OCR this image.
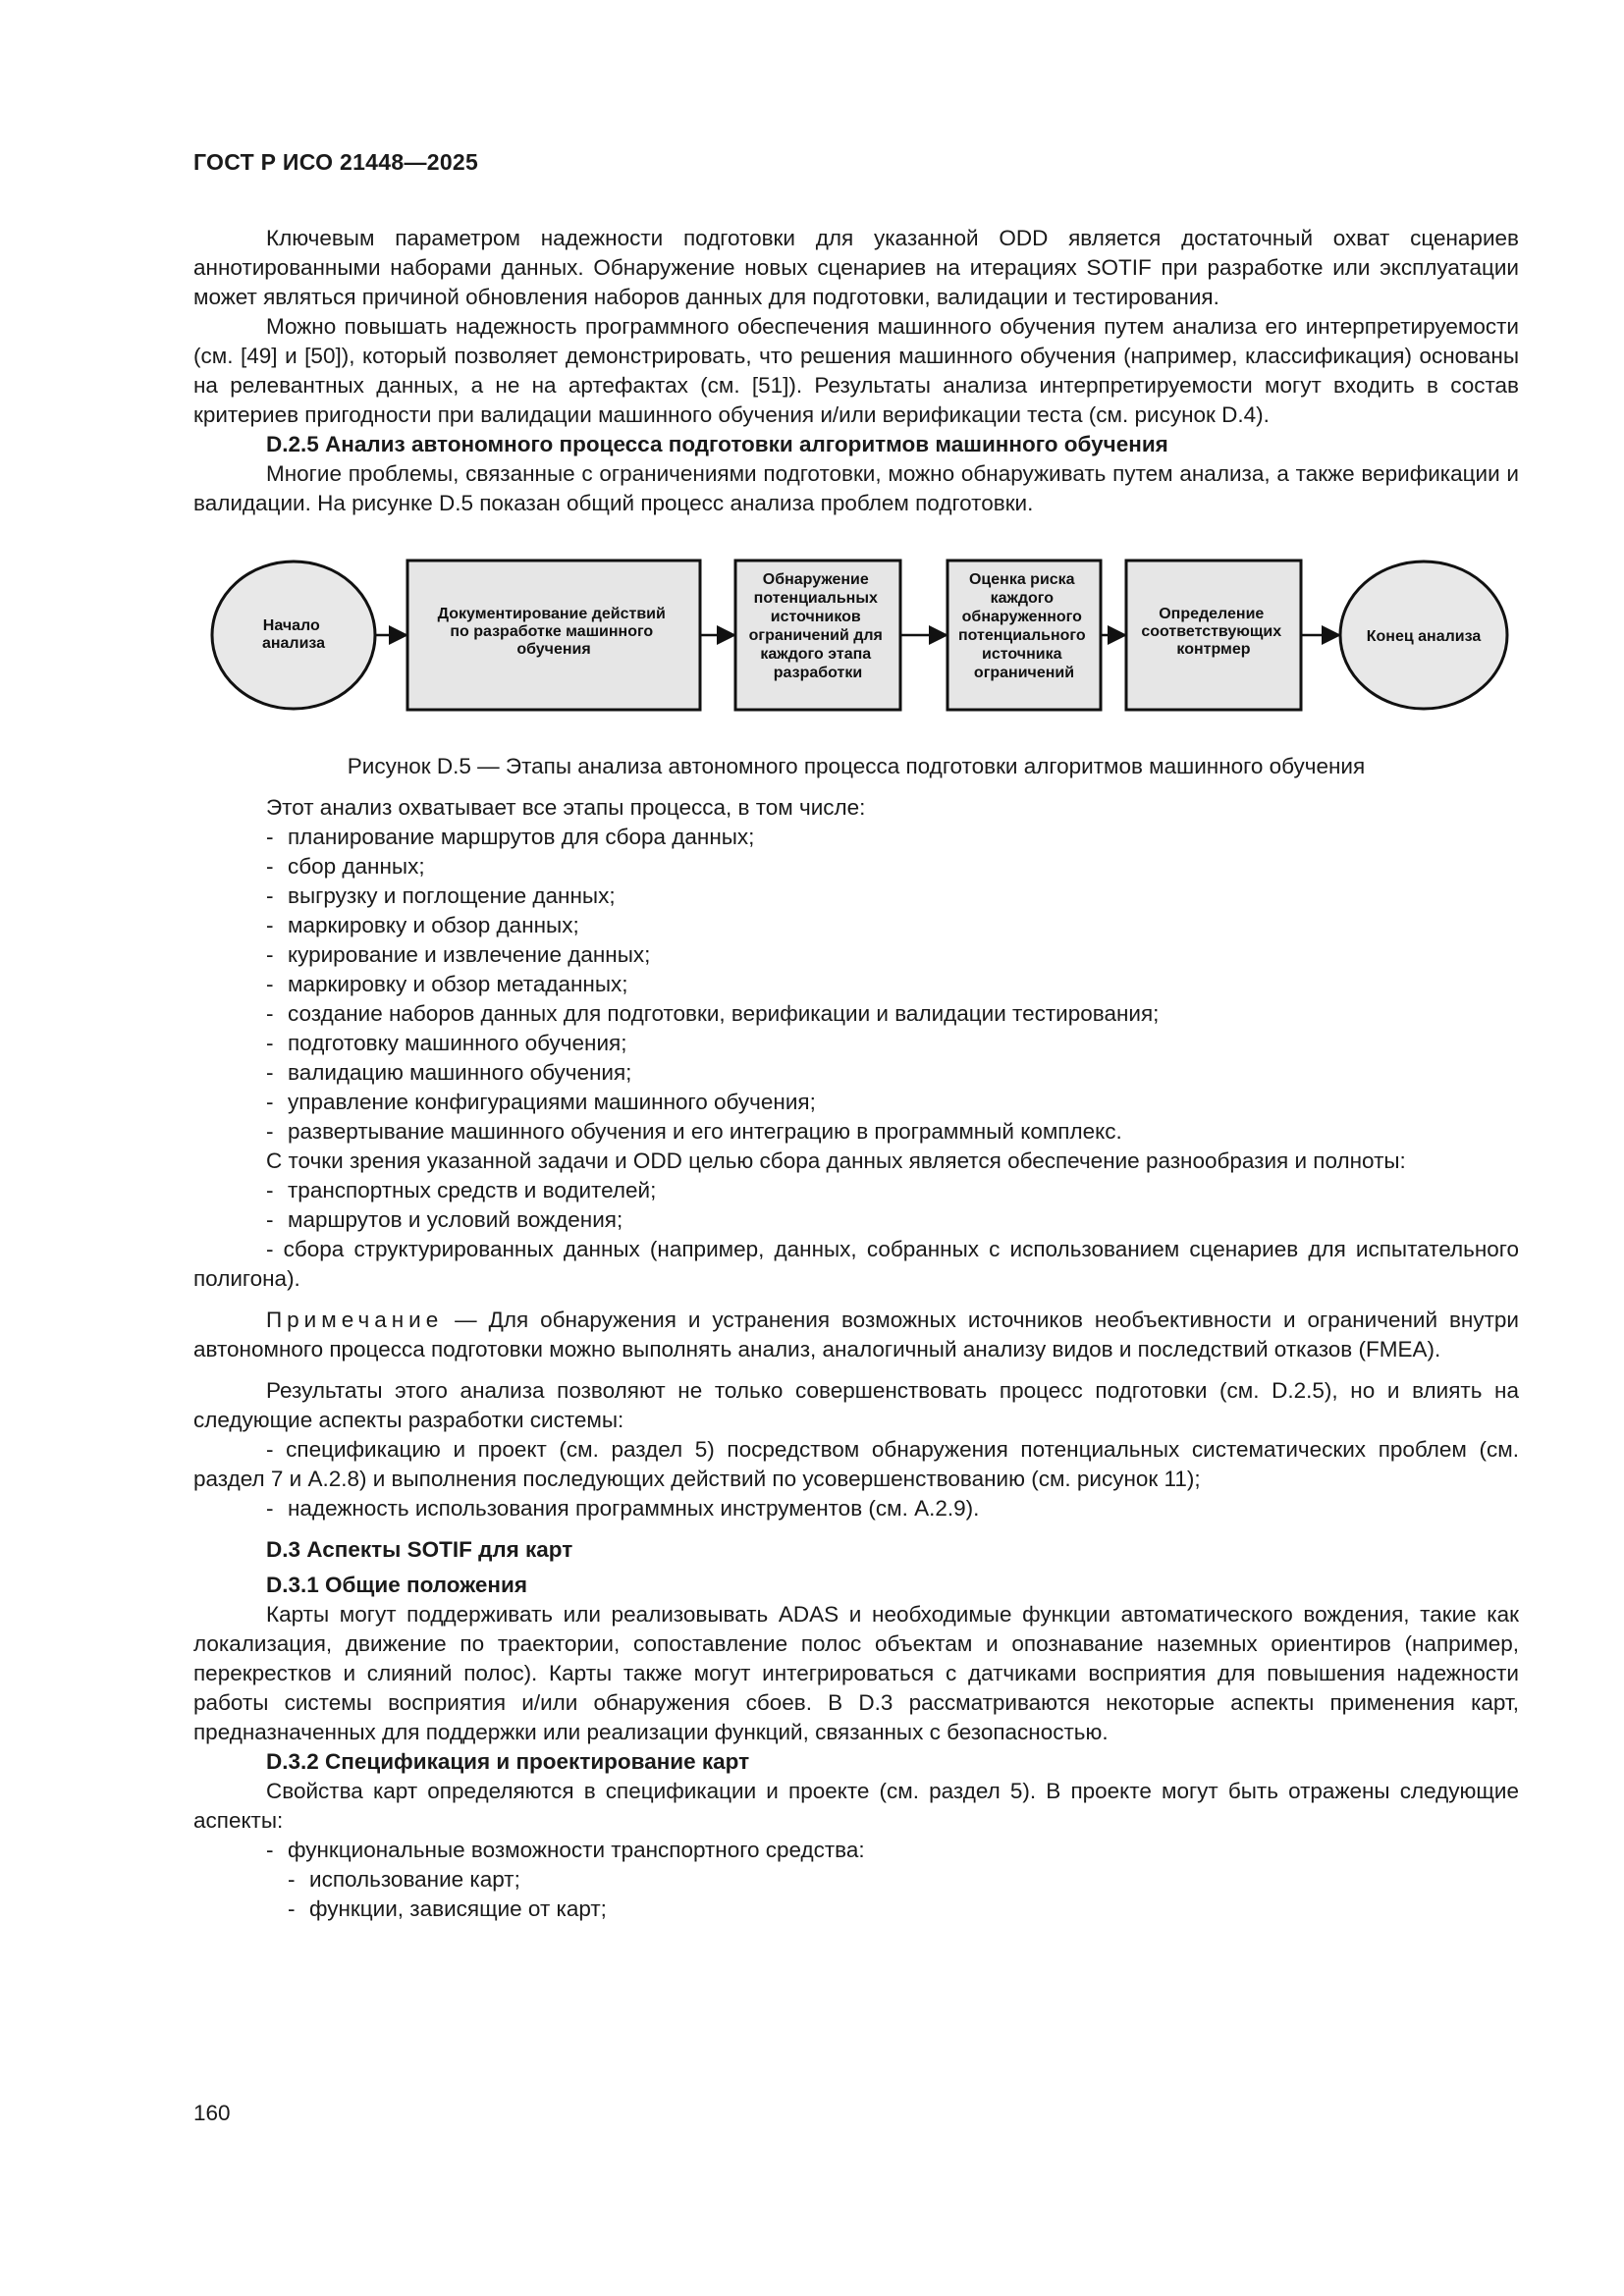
ГОСТ Р ИСО 21448—2025

Ключевым параметром надежности подготовки для указанной ODD является достаточный охват сценариев аннотированными наборами данных. Обнаружение новых сценариев на итерациях SOTIF при разработке или эксплуатации может являться причиной обновления наборов данных для подготовки, валидации и тестирования.

Можно повышать надежность программного обеспечения машинного обучения путем анализа его интерпретируемости (см. [49] и [50]), который позволяет демонстрировать, что решения машинного обучения (например, классификация) основаны на релевантных данных, а не на артефактах (см. [51]). Результаты анализа интерпретируемости могут входить в состав критериев пригодности при валидации машинного обучения и/или верификации теста (см. рисунок D.4).

D.2.5 Анализ автономного процесса подготовки алгоритмов машинного обучения

Многие проблемы, связанные с ограничениями подготовки, можно обнаруживать путем анализа, а также верификации и валидации. На рисунке D.5 показан общий процесс анализа проблем подготовки.

Начало анализа
Документирование действий по разработке машинного обучения
Обнаружение потенциальных источников ограничений для каждого этапа разработки
Оценка риска каждого обнаруженного потенциального источника ограничений
Определение соответствующих контрмер
Конец анализа

Рисунок D.5 — Этапы анализа автономного процесса подготовки алгоритмов машинного обучения

Этот анализ охватывает все этапы процесса, в том числе:

- планирование маршрутов для сбора данных;
- сбор данных;
- выгрузку и поглощение данных;
- маркировку и обзор данных;
- курирование и извлечение данных;
- маркировку и обзор метаданных;
- создание наборов данных для подготовки, верификации и валидации тестирования;
- подготовку машинного обучения;
- валидацию машинного обучения;
- управление конфигурациями машинного обучения;
- развертывание машинного обучения и его интеграцию в программный комплекс.

С точки зрения указанной задачи и ODD целью сбора данных является обеспечение разнообразия и полноты:

- транспортных средств и водителей;
- маршрутов и условий вождения;

- сбора структурированных данных (например, данных, собранных с использованием сценариев для испытательного полигона).

Примечание — Для обнаружения и устранения возможных источников необъективности и ограничений внутри автономного процесса подготовки можно выполнять анализ, аналогичный анализу видов и последствий отказов (FMEA).

Результаты этого анализа позволяют не только совершенствовать процесс подготовки (см. D.2.5), но и влиять на следующие аспекты разработки системы:

- спецификацию и проект (см. раздел 5) посредством обнаружения потенциальных систематических проблем (см. раздел 7 и А.2.8) и выполнения последующих действий по усовершенствованию (см. рисунок 11);

- надежность использования программных инструментов (см. А.2.9).
D.3 Аспекты SOTIF для карт
D.3.1 Общие положения

Карты могут поддерживать или реализовывать ADAS и необходимые функции автоматического вождения, такие как локализация, движение по траектории, сопоставление полос объектам и опознавание наземных ориентиров (например, перекрестков и слияний полос). Карты также могут интегрироваться с датчиками восприятия для повышения надежности работы системы восприятия и/или обнаружения сбоев. В D.3 рассматриваются некоторые аспекты применения карт, предназначенных для поддержки или реализации функций, связанных с безопасностью.

D.3.2 Спецификация и проектирование карт

Свойства карт определяются в спецификации и проекте (см. раздел 5). В проекте могут быть отражены следующие аспекты:

- функциональные возможности транспортного средства:
- использование карт;
- функции, зависящие от карт;
160
